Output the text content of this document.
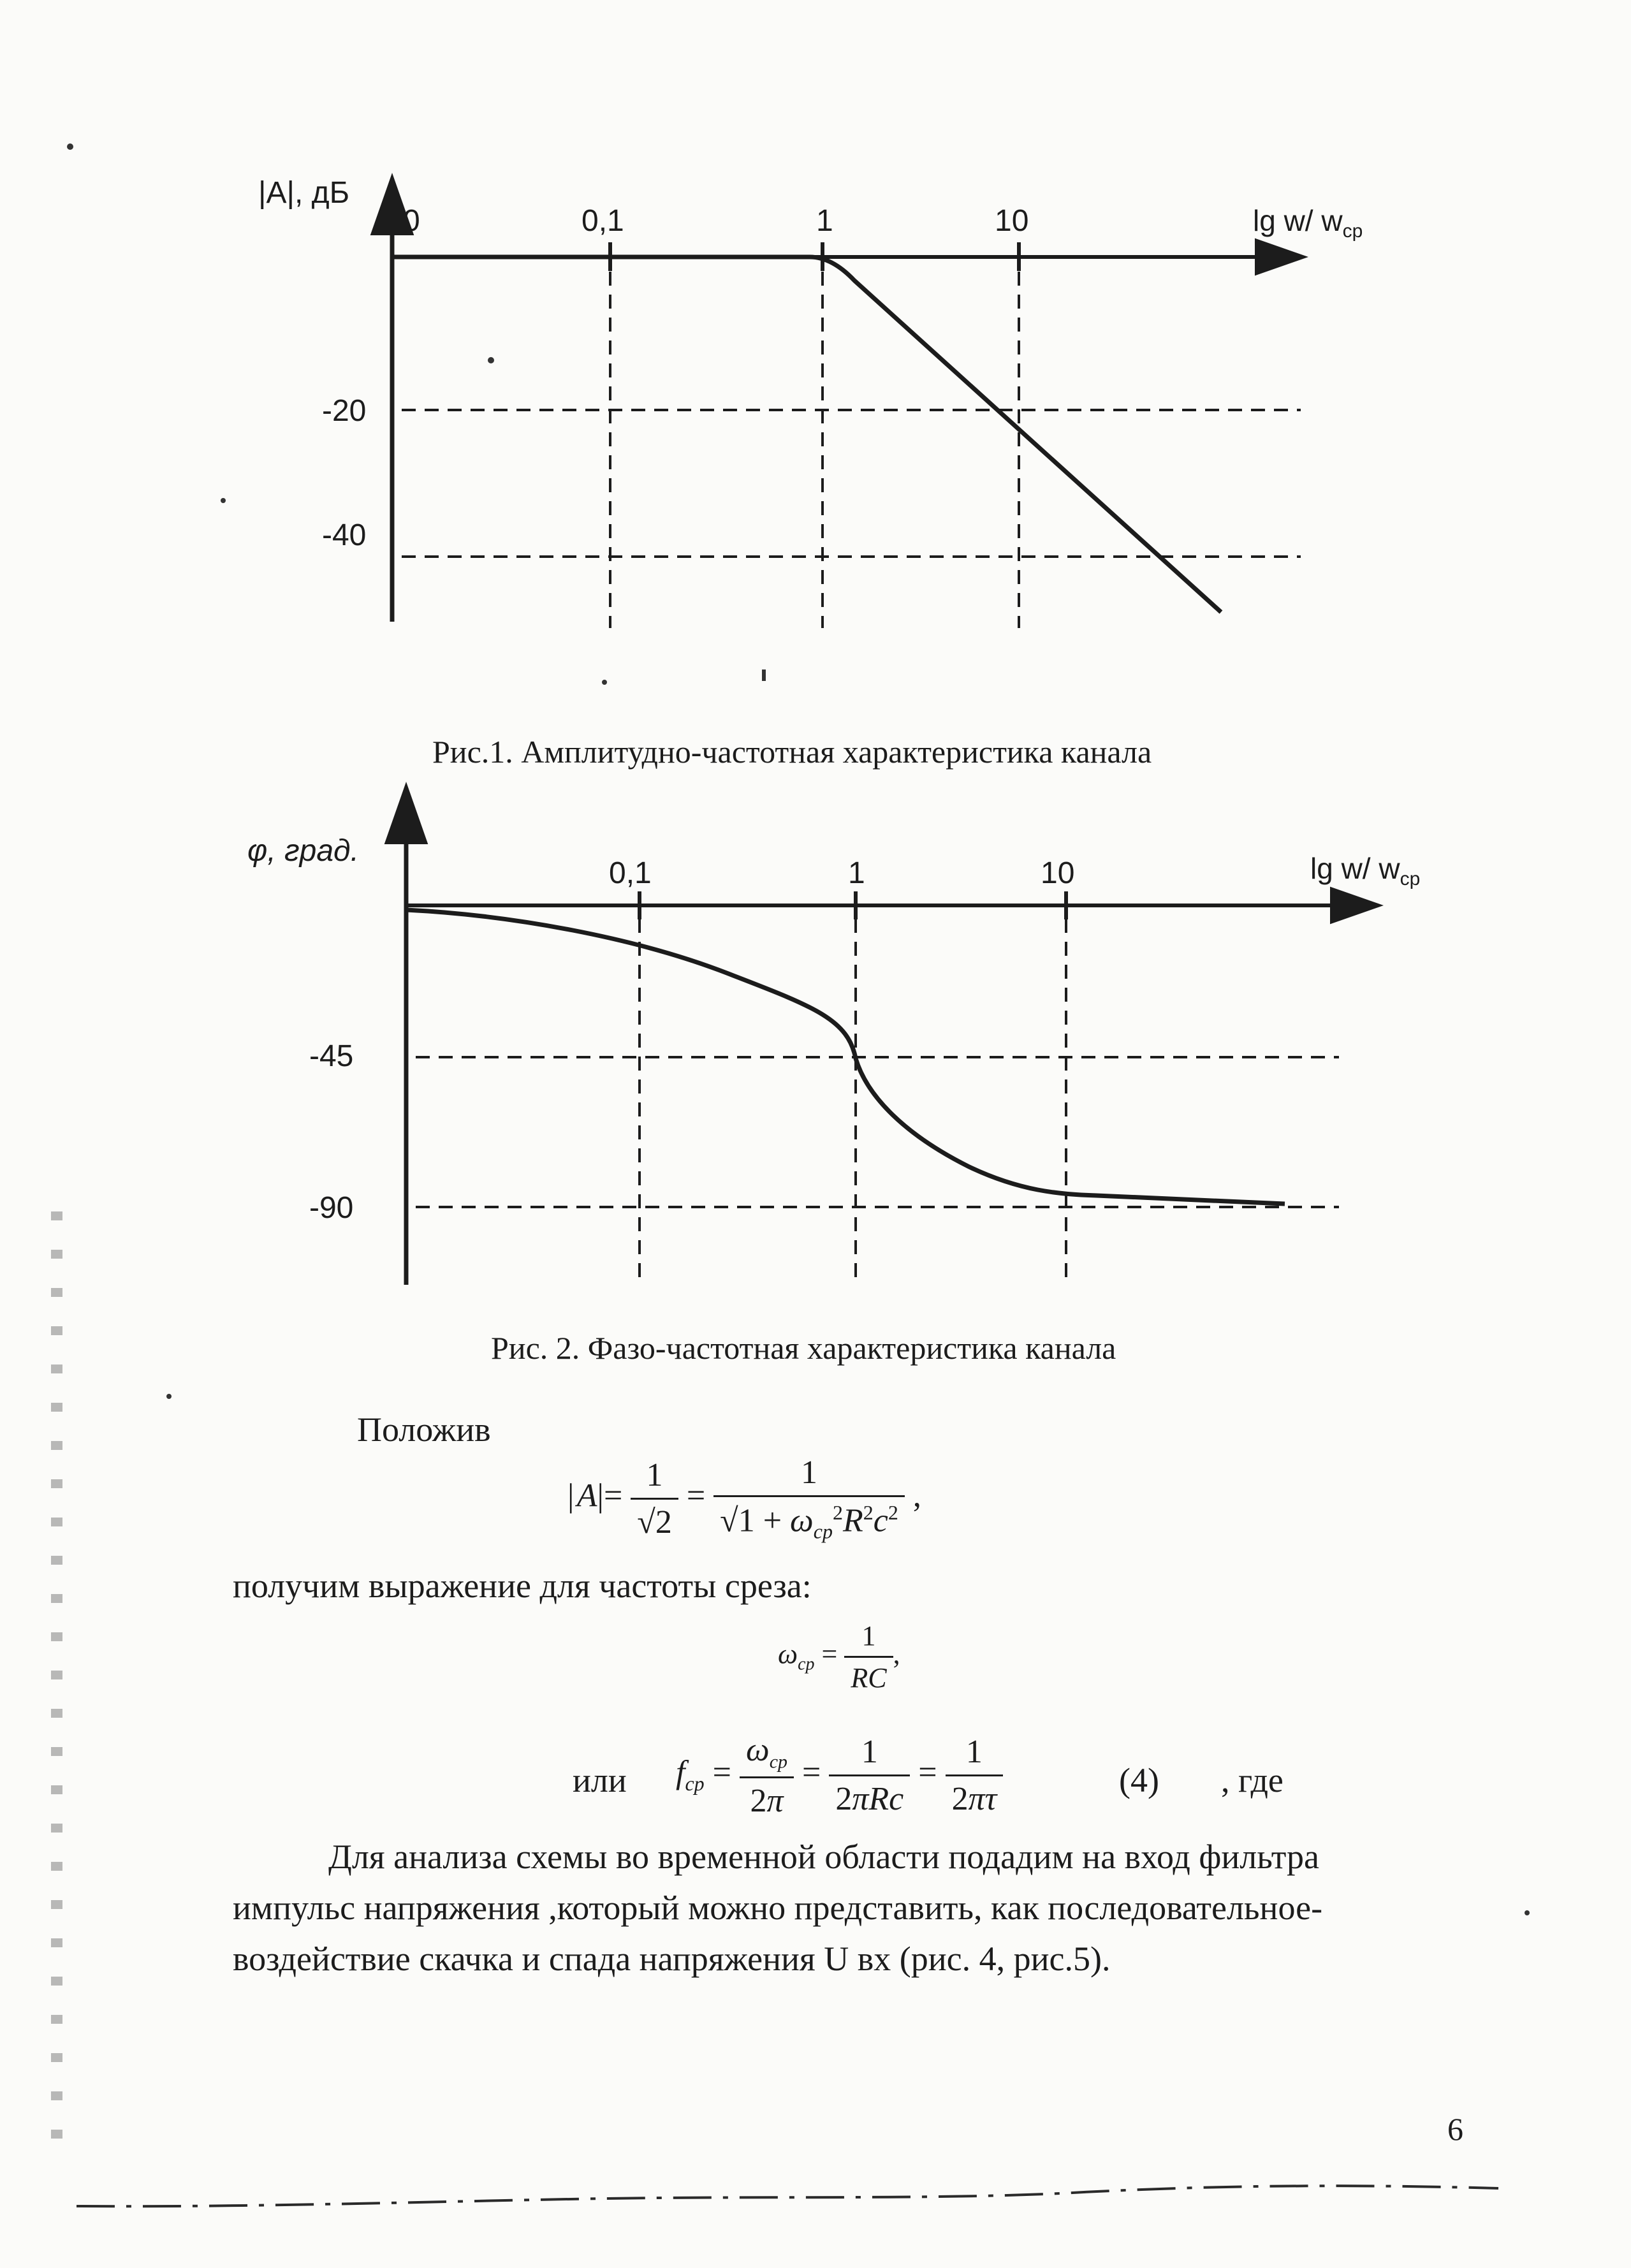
|A|, дБ
0	0,1	1	10	lg w/ $w_{ср}$
-20
-40
φ, град.
0,1	1	10	lg w/ $w_{ср}$
-45
-90
Рис.1. Амплитудно-частотная характеристика канала
Рис. 2. Фазо-частотная характеристика канала
Положив
| $A|= \frac{1}{√2} = \frac{1}{√1 + \omega_{ср}^2R^2c^2}$ ,
получим выражение для частоты среза:
$\omega_{ср} = \frac{1}{RC}$ ,
или $f_{ср} = \frac{\omega_{ср}}{2\pi} = \frac{1}{\text{2πRc}} = \frac{1}{2\pi\tau}$	(4) , где
Для анализа схемы во временной области подадим на вход фильтра
импульс напряжения ,который можно представить, как последовательное-
воздействие скачка и спада напряжения U вх (рис. 4, рис.5).
6
